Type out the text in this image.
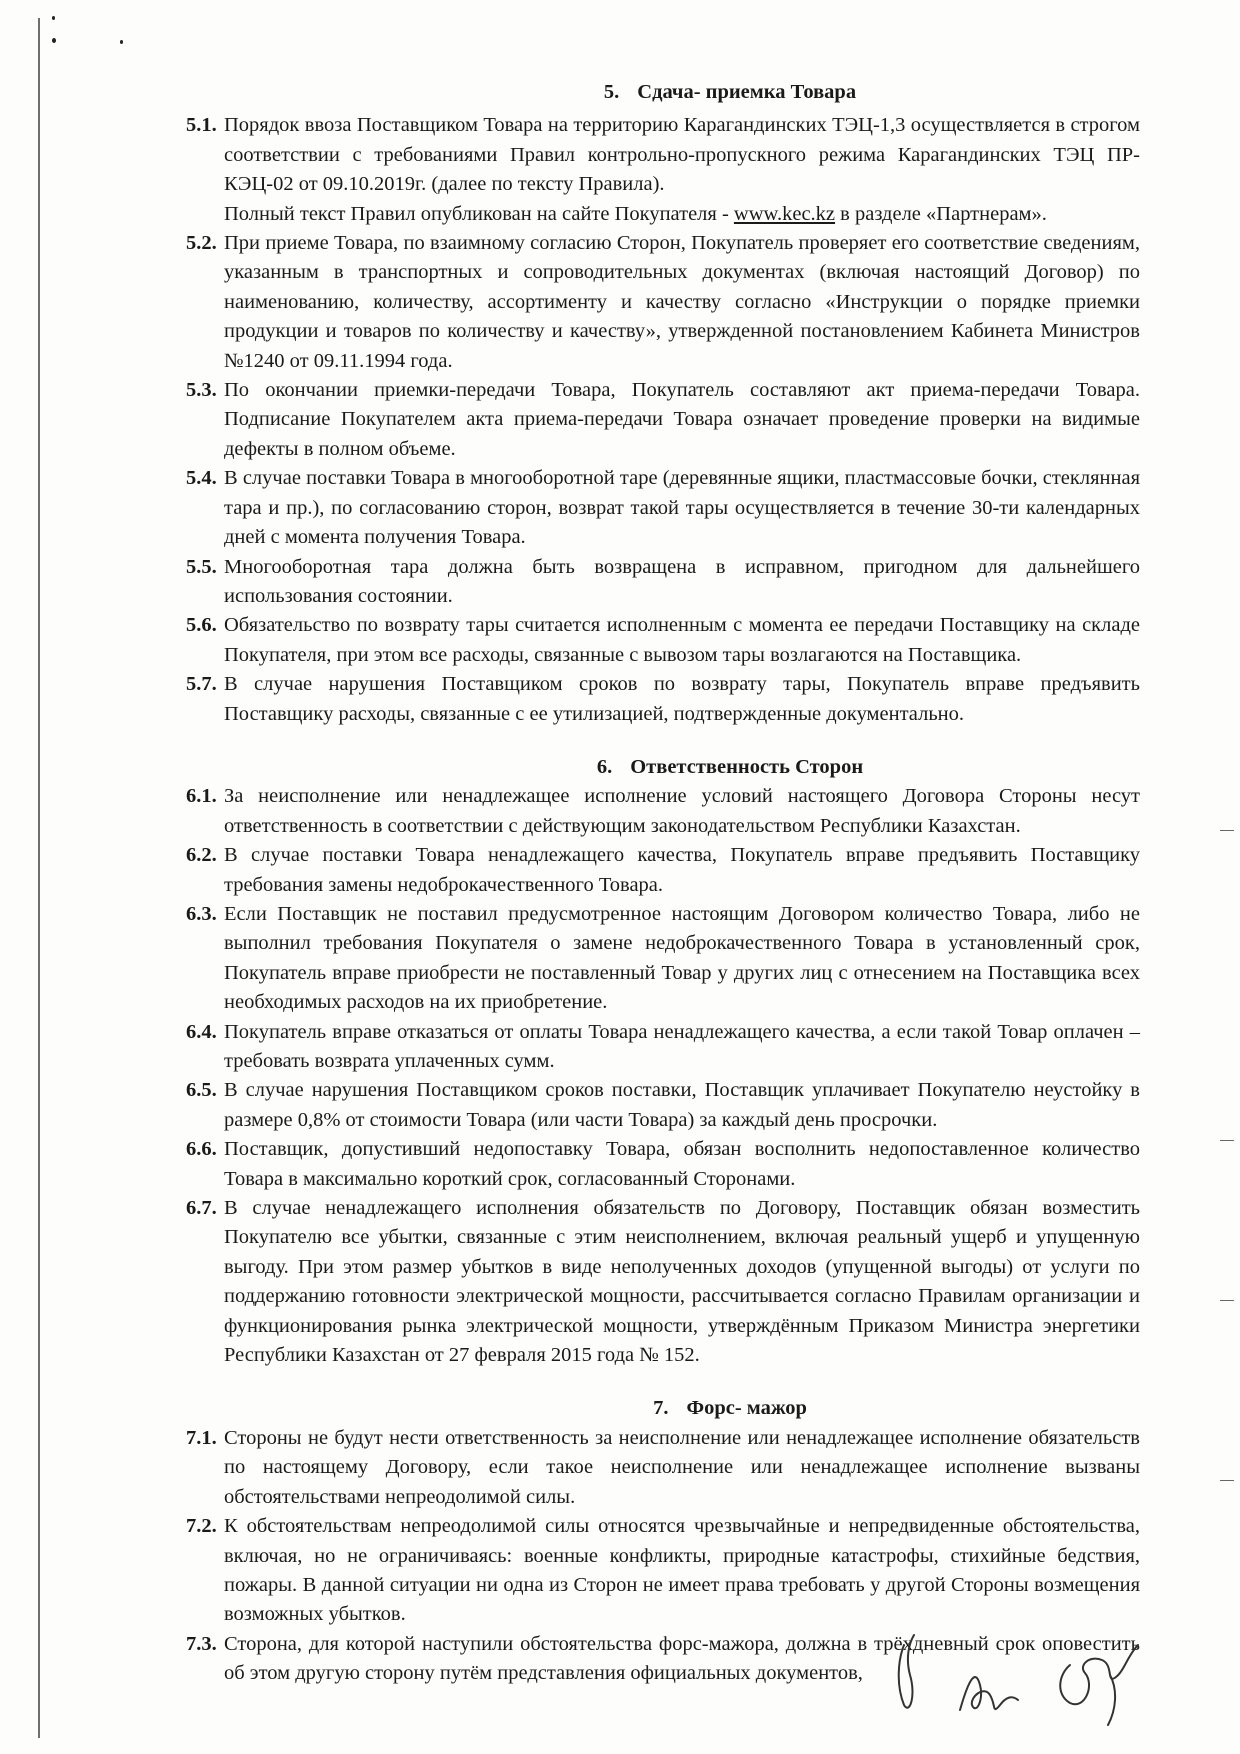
5. Сдача- приемка Товара

5.1. Порядок ввоза Поставщиком Товара на территорию Карагандинских ТЭЦ-1,3 осуществляется в строгом соответствии с требованиями Правил контрольно-пропускного режима Карагандинских ТЭЦ ПР-КЭЦ-02 от 09.10.2019г. (далее по тексту Правила).
Полный текст Правил опубликован на сайте Покупателя - www.kec.kz в разделе «Партнерам».

5.2. При приеме Товара, по взаимному согласию Сторон, Покупатель проверяет его соответствие сведениям, указанным в транспортных и сопроводительных документах (включая настоящий Договор) по наименованию, количеству, ассортименту и качеству согласно «Инструкции о порядке приемки продукции и товаров по количеству и качеству», утвержденной постановлением Кабинета Министров №1240 от 09.11.1994 года.

5.3. По окончании приемки-передачи Товара, Покупатель составляют акт приема-передачи Товара. Подписание Покупателем акта приема-передачи Товара означает проведение проверки на видимые дефекты в полном объеме.

5.4. В случае поставки Товара в многооборотной таре (деревянные ящики, пластмассовые бочки, стеклянная тара и пр.), по согласованию сторон, возврат такой тары осуществляется в течение 30-ти календарных дней с момента получения Товара.

5.5. Многооборотная тара должна быть возвращена в исправном, пригодном для дальнейшего использования состоянии.

5.6. Обязательство по возврату тары считается исполненным с момента ее передачи Поставщику на складе Покупателя, при этом все расходы, связанные с вывозом тары возлагаются на Поставщика.

5.7. В случае нарушения Поставщиком сроков по возврату тары, Покупатель вправе предъявить Поставщику расходы, связанные с ее утилизацией, подтвержденные документально.

6. Ответственность Сторон

6.1. За неисполнение или ненадлежащее исполнение условий настоящего Договора Стороны несут ответственность в соответствии с действующим законодательством Республики Казахстан.

6.2. В случае поставки Товара ненадлежащего качества, Покупатель вправе предъявить Поставщику требования замены недоброкачественного Товара.

6.3. Если Поставщик не поставил предусмотренное настоящим Договором количество Товара, либо не выполнил требования Покупателя о замене недоброкачественного Товара в установленный срок, Покупатель вправе приобрести не поставленный Товар у других лиц с отнесением на Поставщика всех необходимых расходов на их приобретение.

6.4. Покупатель вправе отказаться от оплаты Товара ненадлежащего качества, а если такой Товар оплачен – требовать возврата уплаченных сумм.

6.5. В случае нарушения Поставщиком сроков поставки, Поставщик уплачивает Покупателю неустойку в размере 0,8% от стоимости Товара (или части Товара) за каждый день просрочки.

6.6. Поставщик, допустивший недопоставку Товара, обязан восполнить недопоставленное количество Товара в максимально короткий срок, согласованный Сторонами.

6.7. В случае ненадлежащего исполнения обязательств по Договору, Поставщик обязан возместить Покупателю все убытки, связанные с этим неисполнением, включая реальный ущерб и упущенную выгоду. При этом размер убытков в виде неполученных доходов (упущенной выгоды) от услуги по поддержанию готовности электрической мощности, рассчитывается согласно Правилам организации и функционирования рынка электрической мощности, утверждённым Приказом Министра энергетики Республики Казахстан от 27 февраля 2015 года № 152.

7. Форс- мажор

7.1. Стороны не будут нести ответственность за неисполнение или ненадлежащее исполнение обязательств по настоящему Договору, если такое неисполнение или ненадлежащее исполнение вызваны обстоятельствами непреодолимой силы.

7.2. К обстоятельствам непреодолимой силы относятся чрезвычайные и непредвиденные обстоятельства, включая, но не ограничиваясь: военные конфликты, природные катастрофы, стихийные бедствия, пожары. В данной ситуации ни одна из Сторон не имеет права требовать у другой Стороны возмещения возможных убытков.

7.3. Сторона, для которой наступили обстоятельства форс-мажора, должна в трёхдневный срок оповестить об этом другую сторону путём представления официальных документов,
